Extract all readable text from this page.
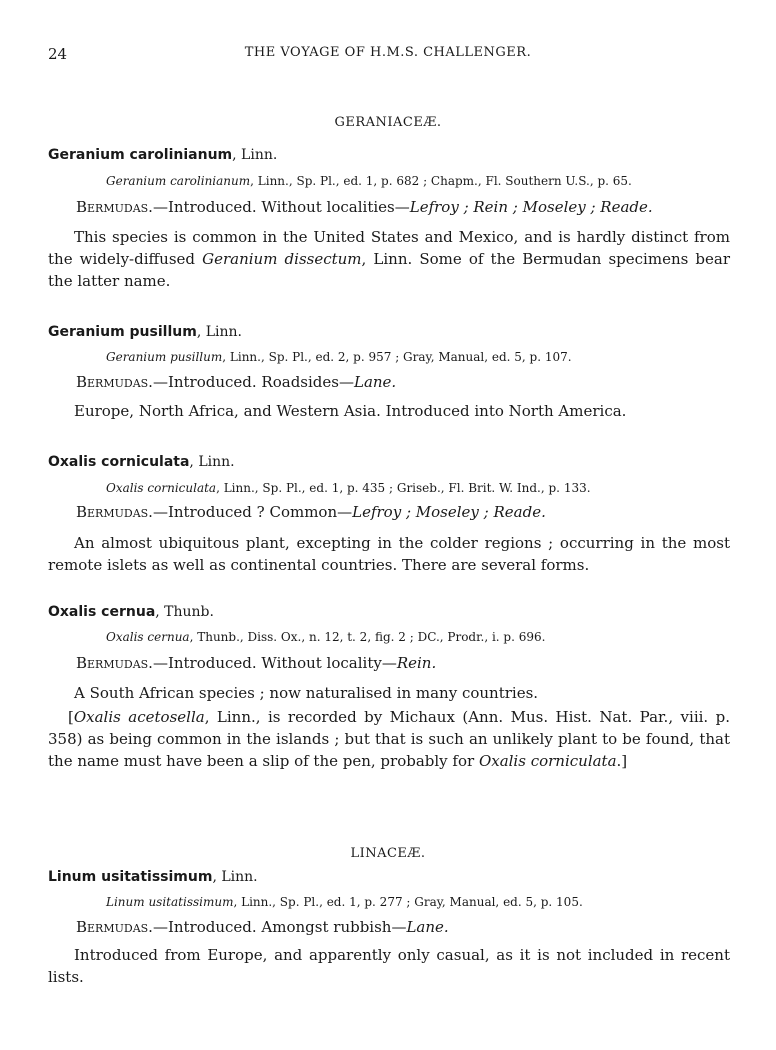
24	THE VOYAGE OF H.M.S. CHALLENGER.
GERANIACEÆ.
Geranium carolinianum, Linn.
Geranium carolinianum, Linn., Sp. Pl., ed. 1, p. 682 ; Chapm., Fl. Southern U.S., p. 65.
Bermudas.—Introduced. Without localities—Lefroy ; Rein ; Moseley ; Reade.

This species is common in the United States and Mexico, and is hardly distinct from the widely-diffused Geranium dissectum, Linn. Some of the Bermudan specimens bear the latter name.

Geranium pusillum, Linn.
Geranium pusillum, Linn., Sp. Pl., ed. 2, p. 957 ; Gray, Manual, ed. 5, p. 107.
Bermudas.—Introduced. Roadsides—Lane.

Europe, North Africa, and Western Asia. Introduced into North America.

Oxalis corniculata, Linn.
Oxalis corniculata, Linn., Sp. Pl., ed. 1, p. 435 ; Griseb., Fl. Brit. W. Ind., p. 133.
Bermudas.—Introduced ? Common—Lefroy ; Moseley ; Reade.

An almost ubiquitous plant, excepting in the colder regions ; occurring in the most remote islets as well as continental countries. There are several forms.

Oxalis cernua, Thunb.
Oxalis cernua, Thunb., Diss. Ox., n. 12, t. 2, fig. 2 ; DC., Prodr., i. p. 696.
Bermudas.—Introduced. Without locality—Rein.

A South African species ; now naturalised in many countries.

[Oxalis acetosella, Linn., is recorded by Michaux (Ann. Mus. Hist. Nat. Par., viii. p. 358) as being common in the islands ; but that is such an unlikely plant to be found, that the name must have been a slip of the pen, probably for Oxalis corniculata.]

LINACEÆ.
Linum usitatissimum, Linn.
Linum usitatissimum, Linn., Sp. Pl., ed. 1, p. 277 ; Gray, Manual, ed. 5, p. 105.
Bermudas.—Introduced. Amongst rubbish—Lane.

Introduced from Europe, and apparently only casual, as it is not included in recent lists.
